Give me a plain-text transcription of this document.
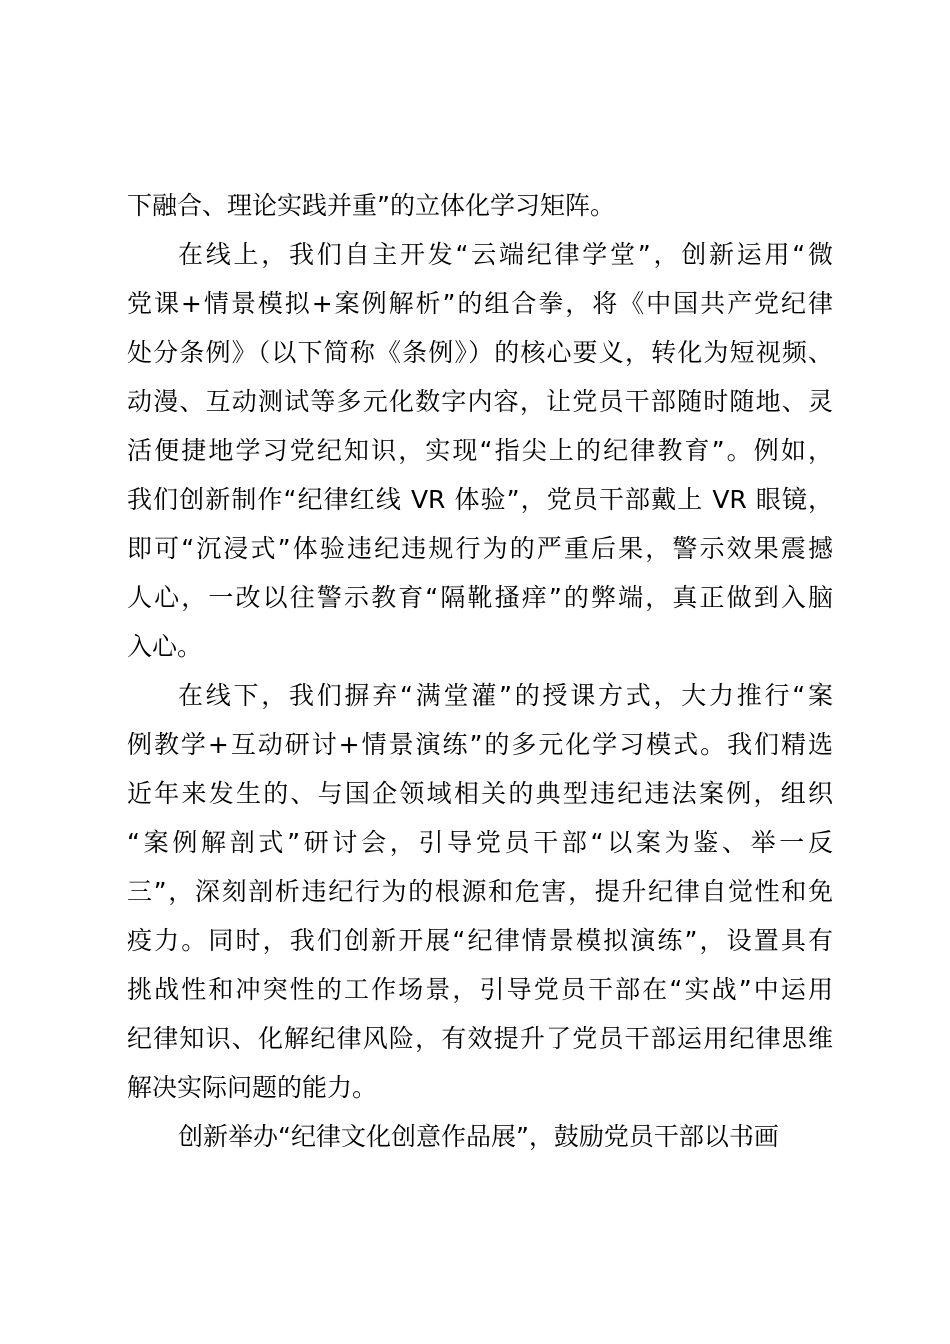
下融合、理论实践并重”的立体化学习矩阵。
在线上，我们自主开发“云端纪律学堂”，创新运用“微
党课+情景模拟+案例解析”的组合拳，将《中国共产党纪律
处分条例》（以下简称《条例》）的核心要义，转化为短视频、
动漫、互动测试等多元化数字内容，让党员干部随时随地、灵
活便捷地学习党纪知识，实现“指尖上的纪律教育”。例如，
我们创新制作“纪律红线 VR 体验”，党员干部戴上 VR 眼镜，
即可“沉浸式”体验违纪违规行为的严重后果，警示效果震撼
人心，一改以往警示教育“隔靴搔痒”的弊端，真正做到入脑
入心。
在线下，我们摒弃“满堂灌”的授课方式，大力推行“案
例教学+互动研讨+情景演练”的多元化学习模式。我们精选
近年来发生的、与国企领域相关的典型违纪违法案例，组织
“案例解剖式”研讨会，引导党员干部“以案为鉴、举一反
三”，深刻剖析违纪行为的根源和危害，提升纪律自觉性和免
疫力。同时，我们创新开展“纪律情景模拟演练”，设置具有
挑战性和冲突性的工作场景，引导党员干部在“实战”中运用
纪律知识、化解纪律风险，有效提升了党员干部运用纪律思维
解决实际问题的能力。
创新举办“纪律文化创意作品展”，鼓励党员干部以书画
